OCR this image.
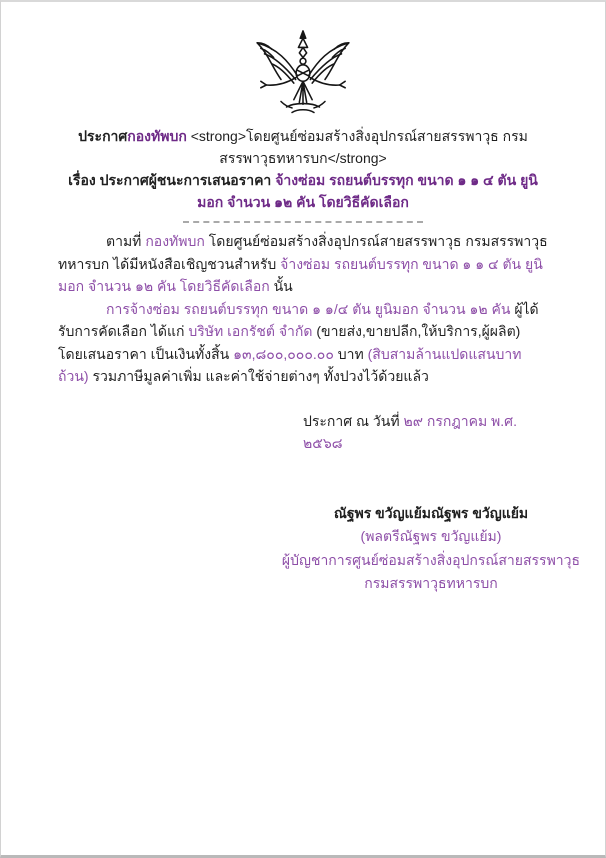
ประกาศกองทัพบก <strong>โดยศูนย์ซ่อมสร้างสิ่งอุปกรณ์สายสรรพาวุธ กรมสรรพาวุธทหารบก</strong>
เรื่อง ประกาศผู้ชนะการเสนอราคา จ้างซ่อม รถยนต์บรรทุก ขนาด ๑ ๑ ๔ ตัน ยูนิมอก จำนวน ๑๒ คัน โดยวิธีคัดเลือก

ตามที่ กองทัพบก โดยศูนย์ซ่อมสร้างสิ่งอุปกรณ์สายสรรพาวุธ กรมสรรพาวุธทหารบก ได้มีหนังสือเชิญชวนสำหรับ จ้างซ่อม รถยนต์บรรทุก ขนาด ๑ ๑ ๔ ตัน ยูนิมอก จำนวน ๑๒ คัน โดยวิธีคัดเลือก นั้น

การจ้างซ่อม รถยนต์บรรทุก ขนาด ๑ ๑/๔ ตัน ยูนิมอก จำนวน ๑๒ คัน ผู้ได้รับการคัดเลือก ได้แก่ บริษัท เอกรัชต์ จำกัด (ขายส่ง,ขายปลีก,ให้บริการ,ผู้ผลิต) โดยเสนอราคา เป็นเงินทั้งสิ้น ๑๓,๘๐๐,๐๐๐.๐๐ บาท (สิบสามล้านแปดแสนบาทถ้วน) รวมภาษีมูลค่าเพิ่ม และค่าใช้จ่ายต่างๆ ทั้งปวงไว้ด้วยแล้ว

ประกาศ ณ วันที่ ๒๙ กรกฎาคม พ.ศ. ๒๕๖๘
ณัฐพร ขวัญแย้มณัฐพร ขวัญแย้ม
(พลตรีณัฐพร ขวัญแย้ม)
ผู้บัญชาการศูนย์ซ่อมสร้างสิ่งอุปกรณ์สายสรรพาวุธ
กรมสรรพาวุธทหารบก
